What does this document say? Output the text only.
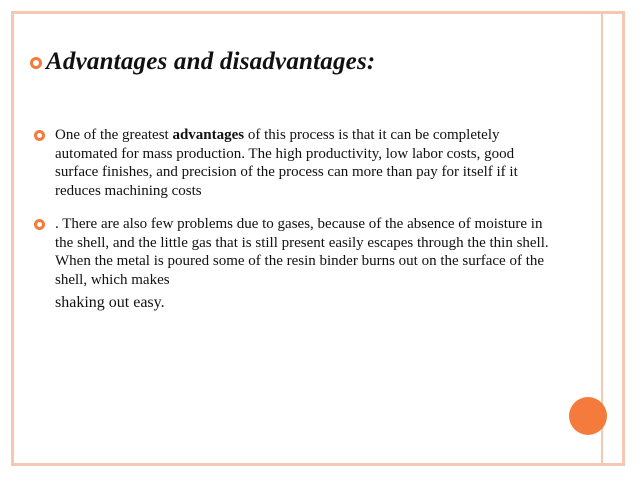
Advantages and disadvantages:
One of the greatest advantages of this process is that it can be completely automated for mass production. The high productivity, low labor costs, good surface finishes, and precision of the process can more than pay for itself if it reduces machining costs
. There are also few problems due to gases, because of the absence of moisture in the shell, and the little gas that is still present easily escapes through the thin shell. When the metal is poured some of the resin binder burns out on the surface of the shell, which makes
shaking out easy.
